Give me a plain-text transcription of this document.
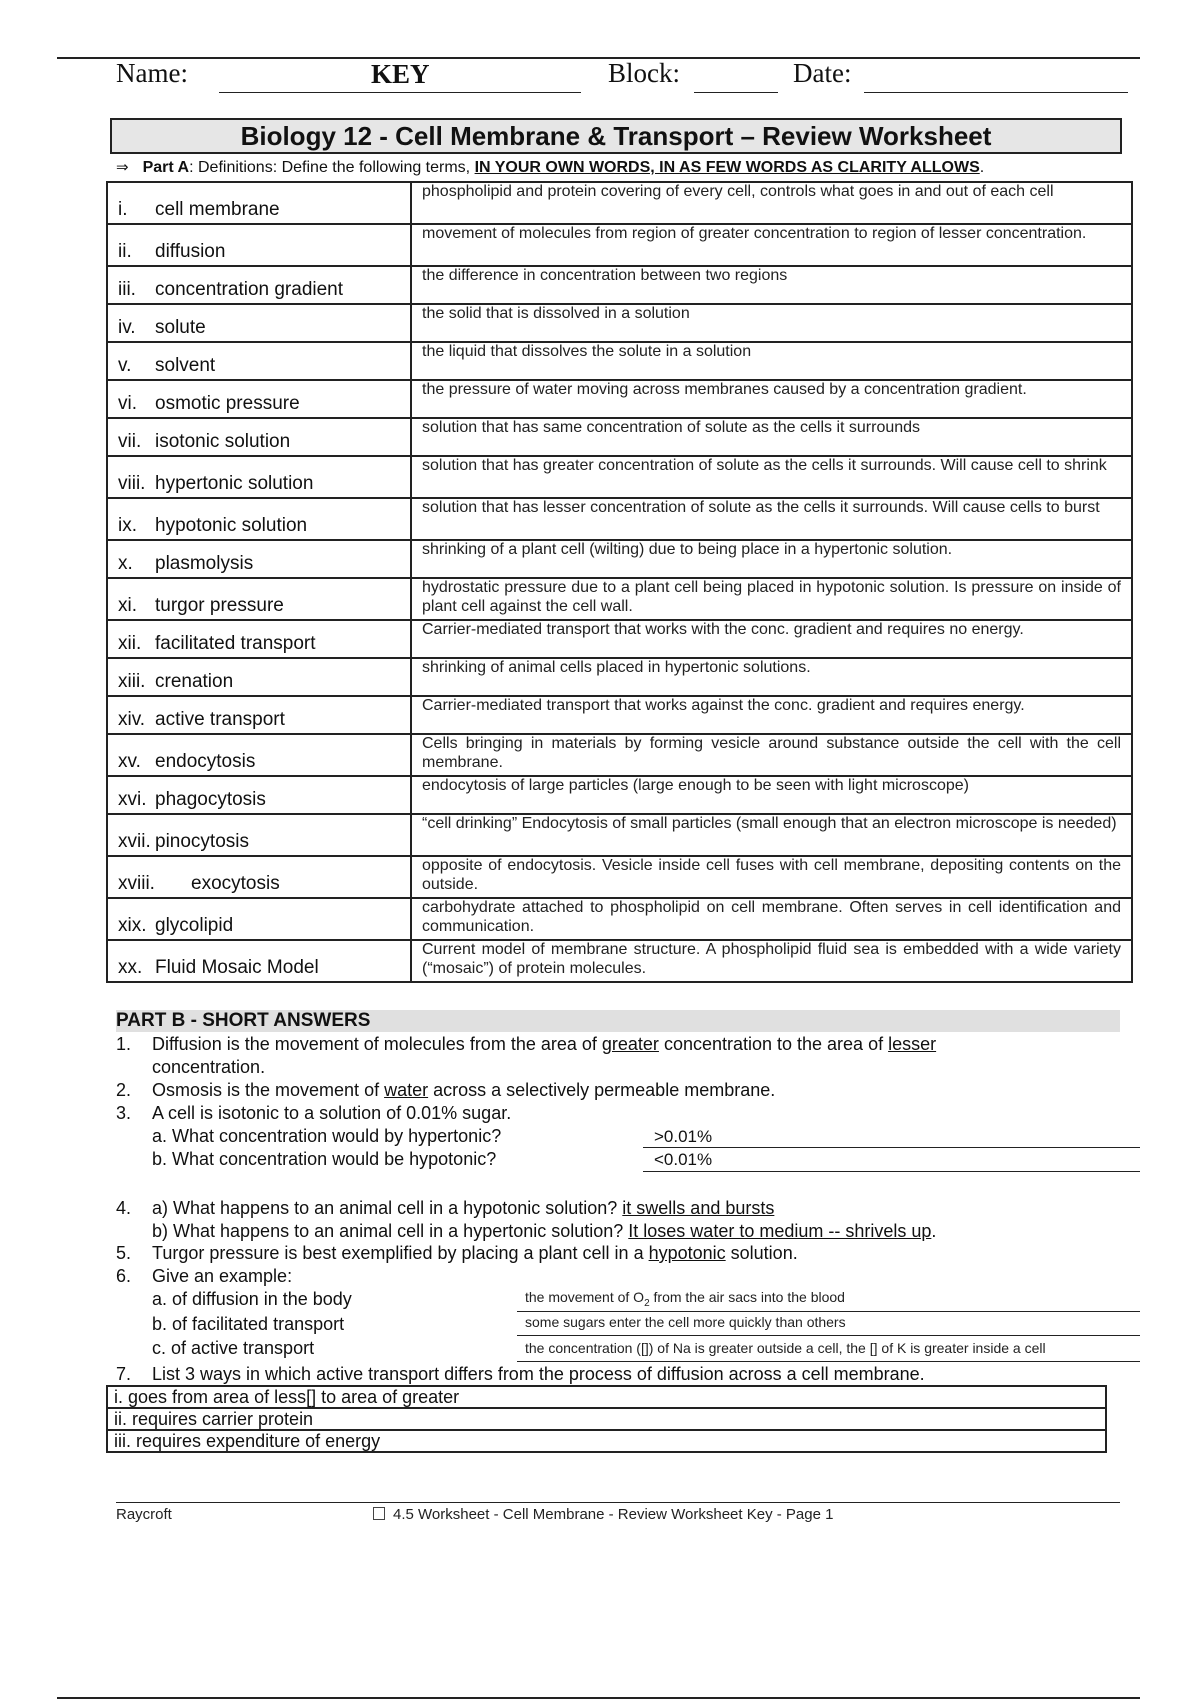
Name:	KEY	Block:	Date:
Biology 12 - Cell Membrane & Transport – Review Worksheet
⇒ Part A: Definitions: Define the following terms, IN YOUR OWN WORDS, IN AS FEW WORDS AS CLARITY ALLOWS.
i. cell membrane	phospholipid and protein covering of every cell, controls what goes in and out of each cell
ii. diffusion	movement of molecules from region of greater concentration to region of lesser concentration.
iii. concentration gradient	the difference in concentration between two regions
iv. solute	the solid that is dissolved in a solution
v. solvent	the liquid that dissolves the solute in a solution
vi. osmotic pressure	the pressure of water moving across membranes caused by a concentration gradient.
vii. isotonic solution	solution that has same concentration of solute as the cells it surrounds
viii. hypertonic solution	solution that has greater concentration of solute as the cells it surrounds. Will cause cell to shrink
ix. hypotonic solution	solution that has lesser concentration of solute as the cells it surrounds. Will cause cells to burst
x. plasmolysis	shrinking of a plant cell (wilting) due to being place in a hypertonic solution.
xi. turgor pressure	hydrostatic pressure due to a plant cell being placed in hypotonic solution. Is pressure on inside of plant cell against the cell wall.
xii. facilitated transport	Carrier-mediated transport that works with the conc. gradient and requires no energy.
xiii. crenation	shrinking of animal cells placed in hypertonic solutions.
xiv. active transport	Carrier-mediated transport that works against the conc. gradient and requires energy.
xv. endocytosis	Cells bringing in materials by forming vesicle around substance outside the cell with the cell membrane.
xvi. phagocytosis	endocytosis of large particles (large enough to be seen with light microscope)
xvii. pinocytosis	“cell drinking” Endocytosis of small particles (small enough that an electron microscope is needed)
xviii. exocytosis	opposite of endocytosis. Vesicle inside cell fuses with cell membrane, depositing contents on the outside.
xix. glycolipid	carbohydrate attached to phospholipid on cell membrane. Often serves in cell identification and communication.
xx. Fluid Mosaic Model	Current model of membrane structure. A phospholipid fluid sea is embedded with a wide variety (“mosaic”) of protein molecules.
PART B - SHORT ANSWERS
1. Diffusion is the movement of molecules from the area of greater concentration to the area of lesser
concentration.
2. Osmosis is the movement of water across a selectively permeable membrane.
3. A cell is isotonic to a solution of 0.01% sugar.
a. What concentration would by hypertonic?	>0.01%
b. What concentration would be hypotonic?	<0.01%
4. a) What happens to an animal cell in a hypotonic solution? it swells and bursts
b) What happens to an animal cell in a hypertonic solution? It loses water to medium -- shrivels up.
5. Turgor pressure is best exemplified by placing a plant cell in a hypotonic solution.
6. Give an example:
a. of diffusion in the body	the movement of $O_2$ from the air sacs into the blood
b. of facilitated transport	some sugars enter the cell more quickly than others
c. of active transport	the concentration ([]) of Na is greater outside a cell, the [] of K is greater inside a cell
7. List 3 ways in which active transport differs from the process of diffusion across a cell membrane.
i. goes from area of less[] to area of greater
ii. requires carrier protein
iii. requires expenditure of energy
Raycroft	4.5 Worksheet - Cell Membrane - Review Worksheet Key - Page 1
